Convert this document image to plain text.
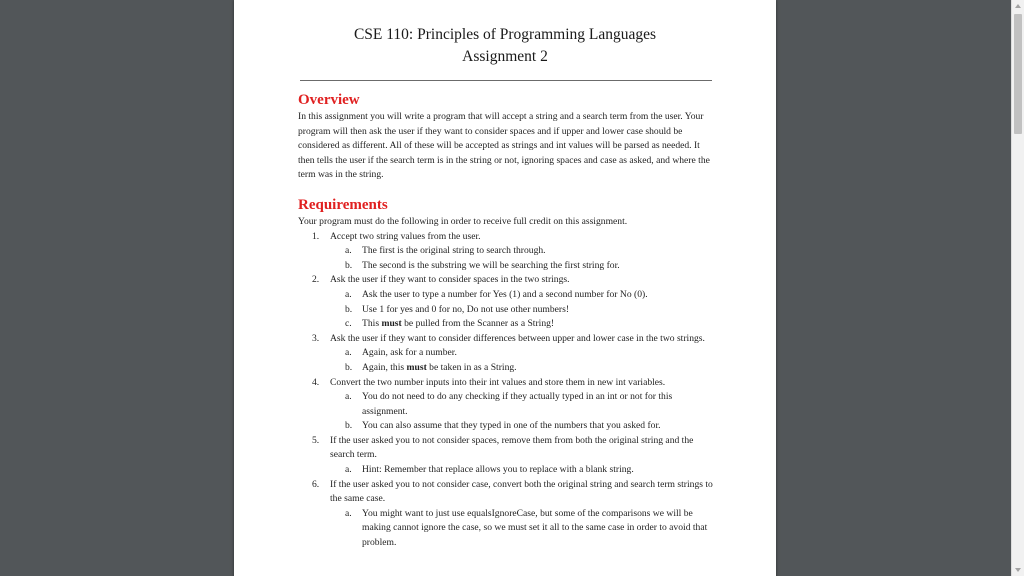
CSE 110: Principles of Programming Languages
Assignment 2
Overview

In this assignment you will write a program that will accept a string and a search term from the user. Your program will then ask the user if they want to consider spaces and if upper and lower case should be considered as different. All of these will be accepted as strings and int values will be parsed as needed. It then tells the user if the search term is in the string or not, ignoring spaces and case as asked, and where the term was in the string.

Requirements

Your program must do the following in order to receive full credit on this assignment.

1. Accept two string values from the user.
a. The first is the original string to search through.
b. The second is the substring we will be searching the first string for.
2. Ask the user if they want to consider spaces in the two strings.
a. Ask the user to type a number for Yes (1) and a second number for No (0).
b. Use 1 for yes and 0 for no, Do not use other numbers!
c. This must be pulled from the Scanner as a String!
3. Ask the user if they want to consider differences between upper and lower case in the two strings.
a. Again, ask for a number.
b. Again, this must be taken in as a String.
4. Convert the two number inputs into their int values and store them in new int variables.
a. You do not need to do any checking if they actually typed in an int or not for this assignment.
b. You can also assume that they typed in one of the numbers that you asked for.
5. If the user asked you to not consider spaces, remove them from both the original string and the search term.
a. Hint: Remember that replace allows you to replace with a blank string.
6. If the user asked you to not consider case, convert both the original string and search term strings to the same case.
a. You might want to just use equalsIgnoreCase, but some of the comparisons we will be making cannot ignore the case, so we must set it all to the same case in order to avoid that problem.
